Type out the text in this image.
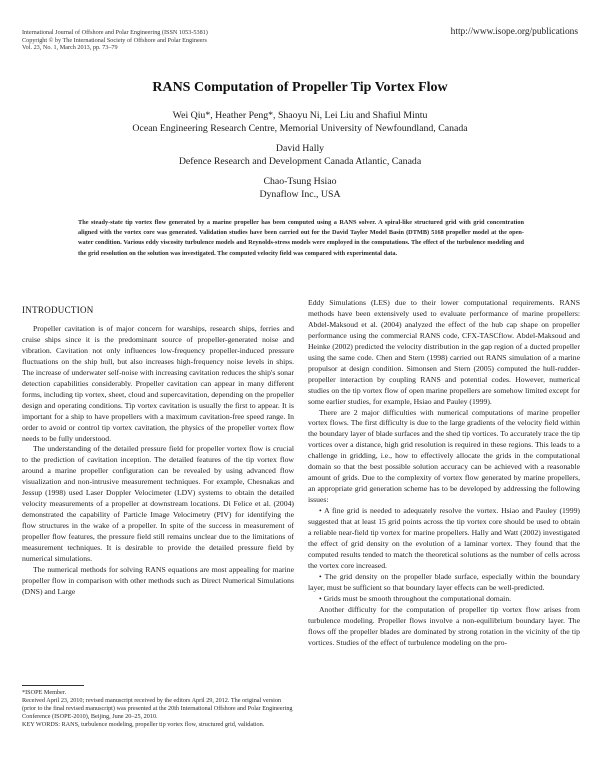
International Journal of Offshore and Polar Engineering (ISSN 1053-5381)
Copyright © by The International Society of Offshore and Polar Engineers
Vol. 23, No. 1, March 2013, pp. 73–79
http://www.isope.org/publications
RANS Computation of Propeller Tip Vortex Flow
Wei Qiu*, Heather Peng*, Shaoyu Ni, Lei Liu and Shafiul Mintu
Ocean Engineering Research Centre, Memorial University of Newfoundland, Canada
David Hally
Defence Research and Development Canada Atlantic, Canada
Chao-Tsung Hsiao
Dynaflow Inc., USA
The steady-state tip vortex flow generated by a marine propeller has been computed using a RANS solver. A spiral-like structured grid with grid concentration aligned with the vortex core was generated. Validation studies have been carried out for the David Taylor Model Basin (DTMB) 5168 propeller model at the open-water condition. Various eddy viscosity turbulence models and Reynolds-stress models were employed in the computations. The effect of the turbulence modeling and the grid resolution on the solution was investigated. The computed velocity field was compared with experimental data.
INTRODUCTION

Propeller cavitation is of major concern for warships, research ships, ferries and cruise ships since it is the predominant source of propeller-generated noise and vibration. Cavitation not only influences low-frequency propeller-induced pressure fluctuations on the ship hull, but also increases high-frequency noise levels in ships. The increase of underwater self-noise with increasing cavitation reduces the ship's sonar detection capabilities considerably. Propeller cavitation can appear in many different forms, including tip vortex, sheet, cloud and supercavitation, depending on the propeller design and operating conditions. Tip vortex cavitation is usually the first to appear. It is important for a ship to have propellers with a maximum cavitation-free speed range. In order to avoid or control tip vortex cavitation, the physics of the propeller vortex flow needs to be fully understood.

The understanding of the detailed pressure field for propeller vortex flow is crucial to the prediction of cavitation inception. The detailed features of the tip vortex flow around a marine propeller configuration can be revealed by using advanced flow visualization and non-intrusive measurement techniques. For example, Chesnakas and Jessup (1998) used Laser Doppler Velocimeter (LDV) systems to obtain the detailed velocity measurements of a propeller at downstream locations. Di Felice et al. (2004) demonstrated the capability of Particle Image Velocimetry (PIV) for identifying the flow structures in the wake of a propeller. In spite of the success in measurement of propeller flow features, the pressure field still remains unclear due to the limitations of measurement techniques. It is desirable to provide the detailed pressure field by numerical simulations.

The numerical methods for solving RANS equations are most appealing for marine propeller flow in comparison with other methods such as Direct Numerical Simulations (DNS) and Large

Eddy Simulations (LES) due to their lower computational requirements. RANS methods have been extensively used to evaluate performance of marine propellers: Abdel-Maksoud et al. (2004) analyzed the effect of the hub cap shape on propeller performance using the commercial RANS code, CFX-TASCflow. Abdel-Maksoud and Heinke (2002) predicted the velocity distribution in the gap region of a ducted propeller using the same code. Chen and Stern (1998) carried out RANS simulation of a marine propulsor at design condition. Simonsen and Stern (2005) computed the hull-rudder-propeller interaction by coupling RANS and potential codes. However, numerical studies on the tip vortex flow of open marine propellers are somehow limited except for some earlier studies, for example, Hsiao and Pauley (1999).

There are 2 major difficulties with numerical computations of marine propeller vortex flows. The first difficulty is due to the large gradients of the velocity field within the boundary layer of blade surfaces and the shed tip vortices. To accurately trace the tip vortices over a distance, high grid resolution is required in these regions. This leads to a challenge in gridding, i.e., how to effectively allocate the grids in the computational domain so that the best possible solution accuracy can be achieved with a reasonable amount of grids. Due to the complexity of vortex flow generated by marine propellers, an appropriate grid generation scheme has to be developed by addressing the following issues:

• A fine grid is needed to adequately resolve the vortex. Hsiao and Pauley (1999) suggested that at least 15 grid points across the tip vortex core should be used to obtain a reliable near-field tip vortex for marine propellers. Hally and Watt (2002) investigated the effect of grid density on the evolution of a laminar vortex. They found that the computed results tended to match the theoretical solutions as the number of cells across the vortex core increased.

• The grid density on the propeller blade surface, especially within the boundary layer, must be sufficient so that boundary layer effects can be well-predicted.

• Grids must be smooth throughout the computational domain.

Another difficulty for the computation of propeller tip vortex flow arises from turbulence modeling. Propeller flows involve a non-equilibrium boundary layer. The flows off the propeller blades are dominated by strong rotation in the vicinity of the tip vortices. Studies of the effect of turbulence modeling on the pro-

*ISOPE Member.
Received April 23, 2010; revised manuscript received by the editors April 29, 2012. The original version (prior to the final revised manuscript) was presented at the 20th International Offshore and Polar Engineering Conference (ISOPE-2010), Beijing, June 20–25, 2010.
KEY WORDS: RANS, turbulence modeling, propeller tip vortex flow, structured grid, validation.
